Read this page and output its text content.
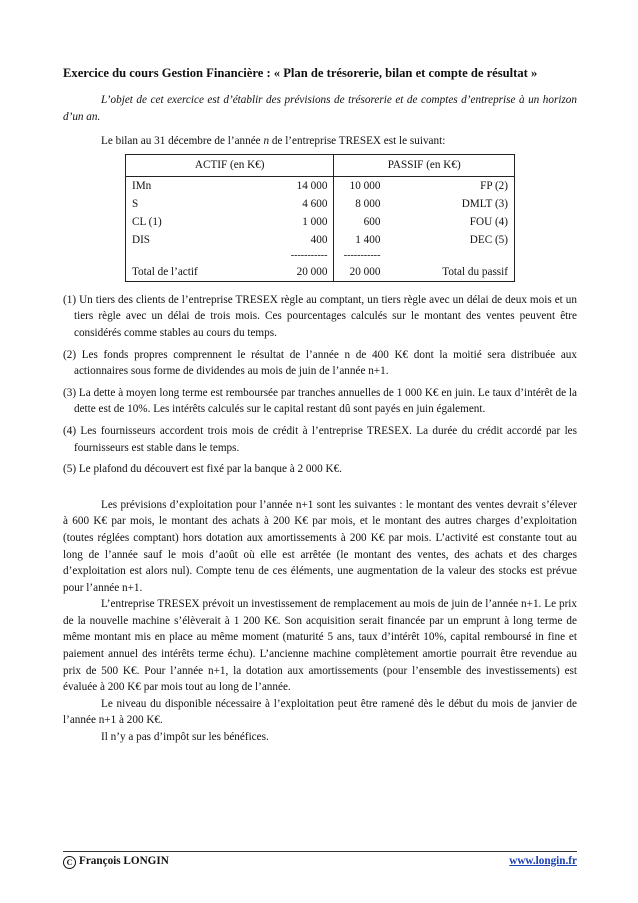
Exercice du cours Gestion Financière : « Plan de trésorerie, bilan et compte de résultat »

L’objet de cet exercice est d’établir des prévisions de trésorerie et de comptes d’entreprise à un horizon d’un an.

Le bilan au 31 décembre de l’année n de l’entreprise TRESEX est le suivant:

ACTIF (en K€)		PASSIF (en K€)	
IMn	14 000	10 000	FP (2)
S	4 600	8 000	DMLT (3)
CL (1)	1 000	600	FOU (4)
DIS	400	1 400	DEC (5)
	-----------	-----------	
Total de l’actif	20 000	20 000	Total du passif

(1) Un tiers des clients de l’entreprise TRESEX règle au comptant, un tiers règle avec un délai de deux mois et un tiers règle avec un délai de trois mois. Ces pourcentages calculés sur le montant des ventes peuvent être considérés comme stables au cours du temps.

(2) Les fonds propres comprennent le résultat de l’année n de 400 K€ dont la moitié sera distribuée aux actionnaires sous forme de dividendes au mois de juin de l’année n+1.

(3) La dette à moyen long terme est remboursée par tranches annuelles de 1 000 K€ en juin. Le taux d’intérêt de la dette est de 10%. Les intérêts calculés sur le capital restant dû sont payés en juin également.

(4) Les fournisseurs accordent trois mois de crédit à l’entreprise TRESEX. La durée du crédit accordé par les fournisseurs est stable dans le temps.

(5) Le plafond du découvert est fixé par la banque à 2 000 K€.

Les prévisions d’exploitation pour l’année n+1 sont les suivantes : le montant des ventes devrait s’élever à 600 K€ par mois, le montant des achats à 200 K€ par mois, et le montant des autres charges d’exploitation (toutes réglées comptant) hors dotation aux amortissements à 200 K€ par mois. L’activité est constante tout au long de l’année sauf le mois d’août où elle est arrêtée (le montant des ventes, des achats et des charges d’exploitation est alors nul). Compte tenu de ces éléments, une augmentation de la valeur des stocks est prévue pour l’année n+1.

L’entreprise TRESEX prévoit un investissement de remplacement au mois de juin de l’année n+1. Le prix de la nouvelle machine s’élèverait à 1 200 K€. Son acquisition serait financée par un emprunt à long terme de même montant mis en place au même moment (maturité 5 ans, taux d’intérêt 10%, capital remboursé in fine et paiement annuel des intérêts terme échu). L’ancienne machine complètement amortie pourrait être revendue au prix de 500 K€. Pour l’année n+1, la dotation aux amortissements (pour l’ensemble des investissements) est évaluée à 200 K€ par mois tout au long de l’année.

Le niveau du disponible nécessaire à l’exploitation peut être ramené dès le début du mois de janvier de l’année n+1 à 200 K€.

Il n’y a pas d’impôt sur les bénéfices.

C François LONGIN	www.longin.fr
